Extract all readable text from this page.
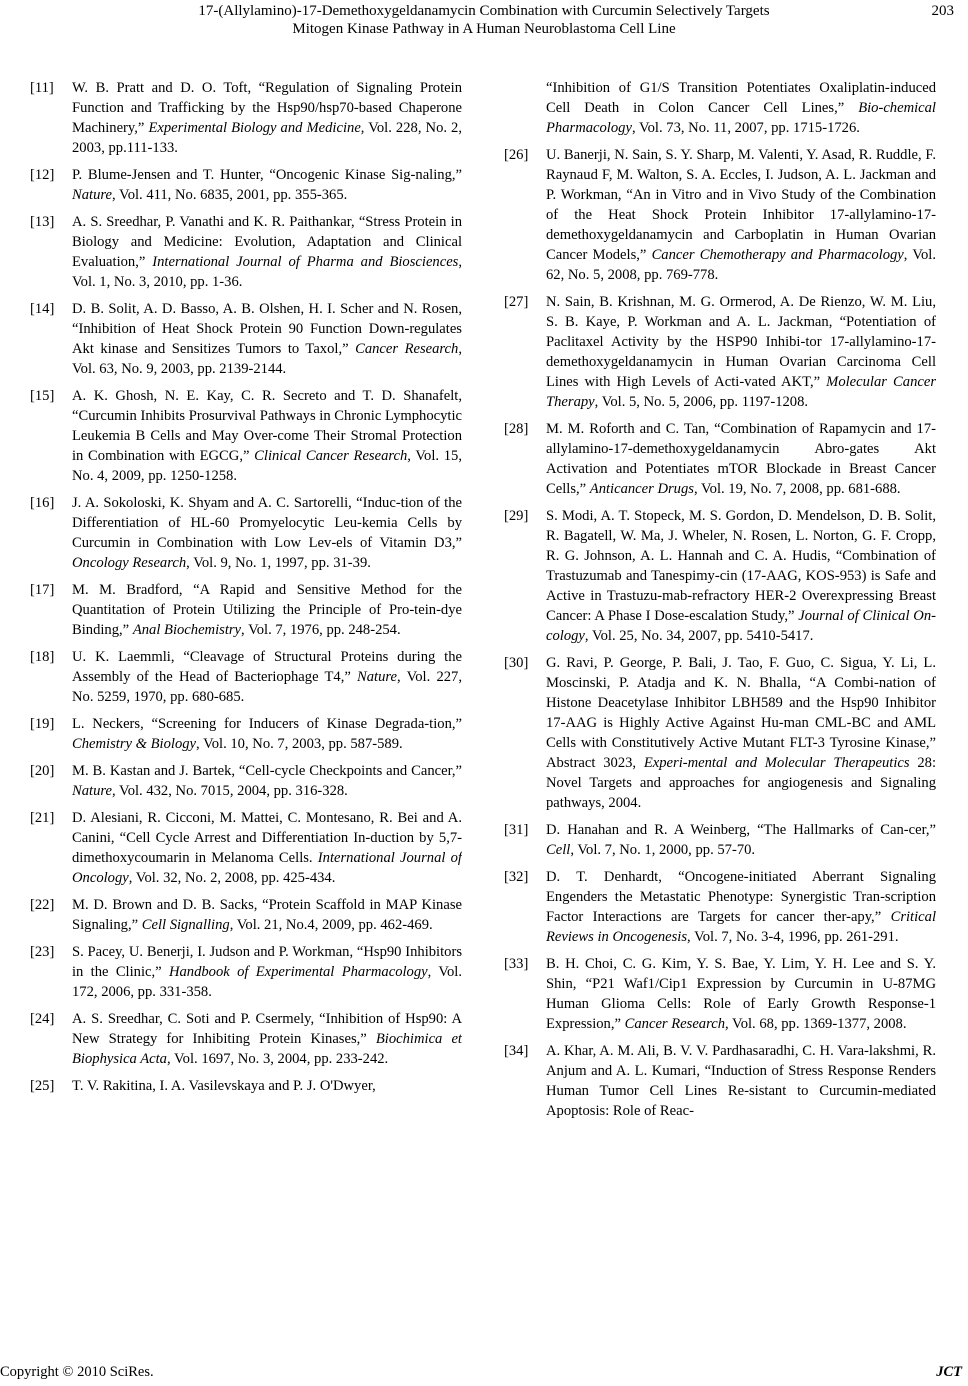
17-(Allylamino)-17-Demethoxygeldanamycin Combination with Curcumin Selectively Targets
Mitogen Kinase Pathway in A Human Neuroblastoma Cell Line
203
[11] W. B. Pratt and D. O. Toft, “Regulation of Signaling Protein Function and Trafficking by the Hsp90/hsp70-based Chaperone Machinery,” Experimental Biology and Medicine, Vol. 228, No. 2, 2003, pp.111-133.
[12] P. Blume-Jensen and T. Hunter, “Oncogenic Kinase Sig-naling,” Nature, Vol. 411, No. 6835, 2001, pp. 355-365.
[13] A. S. Sreedhar, P. Vanathi and K. R. Paithankar, “Stress Protein in Biology and Medicine: Evolution, Adaptation and Clinical Evaluation,” International Journal of Pharma and Biosciences, Vol. 1, No. 3, 2010, pp. 1-36.
[14] D. B. Solit, A. D. Basso, A. B. Olshen, H. I. Scher and N. Rosen, “Inhibition of Heat Shock Protein 90 Function Down-regulates Akt kinase and Sensitizes Tumors to Taxol,” Cancer Research, Vol. 63, No. 9, 2003, pp. 2139-2144.
[15] A. K. Ghosh, N. E. Kay, C. R. Secreto and T. D. Shanafelt, “Curcumin Inhibits Prosurvival Pathways in Chronic Lymphocytic Leukemia B Cells and May Over-come Their Stromal Protection in Combination with EGCG,” Clinical Cancer Research, Vol. 15, No. 4, 2009, pp. 1250-1258.
[16] J. A. Sokoloski, K. Shyam and A. C. Sartorelli, “Induc-tion of the Differentiation of HL-60 Promyelocytic Leu-kemia Cells by Curcumin in Combination with Low Lev-els of Vitamin D3,” Oncology Research, Vol. 9, No. 1, 1997, pp. 31-39.
[17] M. M. Bradford, “A Rapid and Sensitive Method for the Quantitation of Protein Utilizing the Principle of Pro-tein-dye Binding,” Anal Biochemistry, Vol. 7, 1976, pp. 248-254.
[18] U. K. Laemmli, “Cleavage of Structural Proteins during the Assembly of the Head of Bacteriophage T4,” Nature, Vol. 227, No. 5259, 1970, pp. 680-685.
[19] L. Neckers, “Screening for Inducers of Kinase Degrada-tion,” Chemistry & Biology, Vol. 10, No. 7, 2003, pp. 587-589.
[20] M. B. Kastan and J. Bartek, “Cell-cycle Checkpoints and Cancer,” Nature, Vol. 432, No. 7015, 2004, pp. 316-328.
[21] D. Alesiani, R. Cicconi, M. Mattei, C. Montesano, R. Bei and A. Canini, “Cell Cycle Arrest and Differentiation In-duction by 5,7-dimethoxycoumarin in Melanoma Cells. International Journal of Oncology, Vol. 32, No. 2, 2008, pp. 425-434.
[22] M. D. Brown and D. B. Sacks, “Protein Scaffold in MAP Kinase Signaling,” Cell Signalling, Vol. 21, No.4, 2009, pp. 462-469.
[23] S. Pacey, U. Benerji, I. Judson and P. Workman, “Hsp90 Inhibitors in the Clinic,” Handbook of Experimental Pharmacology, Vol. 172, 2006, pp. 331-358.
[24] A. S. Sreedhar, C. Soti and P. Csermely, “Inhibition of Hsp90: A New Strategy for Inhibiting Protein Kinases,” Biochimica et Biophysica Acta, Vol. 1697, No. 3, 2004, pp. 233-242.
[25] T. V. Rakitina, I. A. Vasilevskaya and P. J. O'Dwyer,
“Inhibition of G1/S Transition Potentiates Oxaliplatin-induced Cell Death in Colon Cancer Cell Lines,” Bio-chemical Pharmacology, Vol. 73, No. 11, 2007, pp. 1715-1726.
[26] U. Banerji, N. Sain, S. Y. Sharp, M. Valenti, Y. Asad, R. Ruddle, F. Raynaud F, M. Walton, S. A. Eccles, I. Judson, A. L. Jackman and P. Workman, “An in Vitro and in Vivo Study of the Combination of the Heat Shock Protein Inhibitor 17-allylamino-17-demethoxygeldanamycin and Carboplatin in Human Ovarian Cancer Models,” Cancer Chemotherapy and Pharmacology, Vol. 62, No. 5, 2008, pp. 769-778.
[27] N. Sain, B. Krishnan, M. G. Ormerod, A. De Rienzo, W. M. Liu, S. B. Kaye, P. Workman and A. L. Jackman, “Potentiation of Paclitaxel Activity by the HSP90 Inhibi-tor 17-allylamino-17-demethoxygeldanamycin in Human Ovarian Carcinoma Cell Lines with High Levels of Acti-vated AKT,” Molecular Cancer Therapy, Vol. 5, No. 5, 2006, pp. 1197-1208.
[28] M. M. Roforth and C. Tan, “Combination of Rapamycin and 17-allylamino-17-demethoxygeldanamycin Abro-gates Akt Activation and Potentiates mTOR Blockade in Breast Cancer Cells,” Anticancer Drugs, Vol. 19, No. 7, 2008, pp. 681-688.
[29] S. Modi, A. T. Stopeck, M. S. Gordon, D. Mendelson, D. B. Solit, R. Bagatell, W. Ma, J. Wheler, N. Rosen, L. Norton, G. F. Cropp, R. G. Johnson, A. L. Hannah and C. A. Hudis, “Combination of Trastuzumab and Tanespimy-cin (17-AAG, KOS-953) is Safe and Active in Trastuzu-mab-refractory HER-2 Overexpressing Breast Cancer: A Phase I Dose-escalation Study,” Journal of Clinical On-cology, Vol. 25, No. 34, 2007, pp. 5410-5417.
[30] G. Ravi, P. George, P. Bali, J. Tao, F. Guo, C. Sigua, Y. Li, L. Moscinski, P. Atadja and K. N. Bhalla, “A Combi-nation of Histone Deacetylase Inhibitor LBH589 and the Hsp90 Inhibitor 17-AAG is Highly Active Against Hu-man CML-BC and AML Cells with Constitutively Active Mutant FLT-3 Tyrosine Kinase,” Abstract 3023, Experi-mental and Molecular Therapeutics 28: Novel Targets and approaches for angiogenesis and Signaling pathways, 2004.
[31] D. Hanahan and R. A Weinberg, “The Hallmarks of Can-cer,” Cell, Vol. 7, No. 1, 2000, pp. 57-70.
[32] D. T. Denhardt, “Oncogene-initiated Aberrant Signaling Engenders the Metastatic Phenotype: Synergistic Tran-scription Factor Interactions are Targets for cancer ther-apy,” Critical Reviews in Oncogenesis, Vol. 7, No. 3-4, 1996, pp. 261-291.
[33] B. H. Choi, C. G. Kim, Y. S. Bae, Y. Lim, Y. H. Lee and S. Y. Shin, “P21 Waf1/Cip1 Expression by Curcumin in U-87MG Human Glioma Cells: Role of Early Growth Response-1 Expression,” Cancer Research, Vol. 68, pp. 1369-1377, 2008.
[34] A. Khar, A. M. Ali, B. V. V. Pardhasaradhi, C. H. Vara-lakshmi, R. Anjum and A. L. Kumari, “Induction of Stress Response Renders Human Tumor Cell Lines Re-sistant to Curcumin-mediated Apoptosis: Role of Reac-
Copyright © 2010 SciRes.	JCT
